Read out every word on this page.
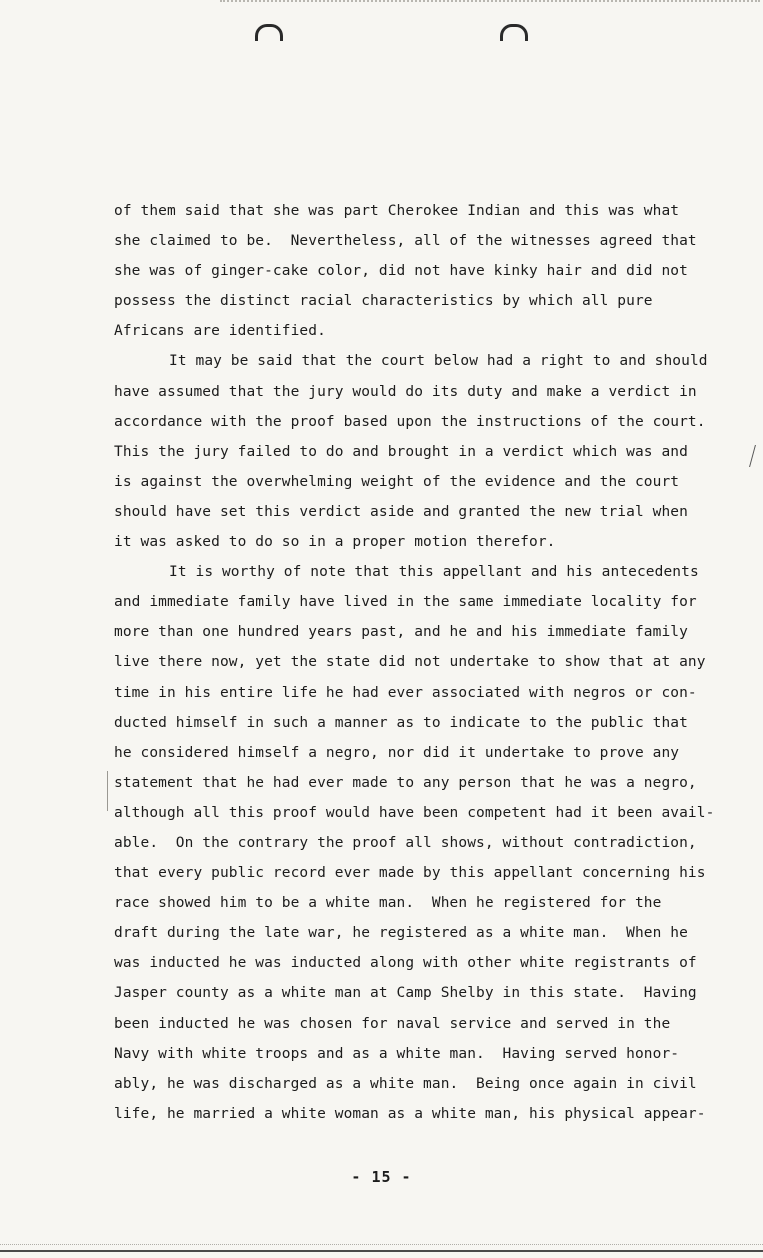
of them said that she was part Cherokee Indian and this was what
she claimed to be.  Nevertheless, all of the witnesses agreed that
she was of ginger-cake color, did not have kinky hair and did not
possess the distinct racial characteristics by which all pure
Africans are identified.
It may be said that the court below had a right to and should
have assumed that the jury would do its duty and make a verdict in
accordance with the proof based upon the instructions of the court.
This the jury failed to do and brought in a verdict which was and
is against the overwhelming weight of the evidence and the court
should have set this verdict aside and granted the new trial when
it was asked to do so in a proper motion therefor.
It is worthy of note that this appellant and his antecedents
and immediate family have lived in the same immediate locality for
more than one hundred years past, and he and his immediate family
live there now, yet the state did not undertake to show that at any
time in his entire life he had ever associated with negros or con-
ducted himself in such a manner as to indicate to the public that
he considered himself a negro, nor did it undertake to prove any
statement that he had ever made to any person that he was a negro,
although all this proof would have been competent had it been avail-
able.  On the contrary the proof all shows, without contradiction,
that every public record ever made by this appellant concerning his
race showed him to be a white man.  When he registered for the
draft during the late war, he registered as a white man.  When he
was inducted he was inducted along with other white registrants of
Jasper county as a white man at Camp Shelby in this state.  Having
been inducted he was chosen for naval service and served in the
Navy with white troops and as a white man.  Having served honor-
ably, he was discharged as a white man.  Being once again in civil
life, he married a white woman as a white man, his physical appear-
- 15 -
